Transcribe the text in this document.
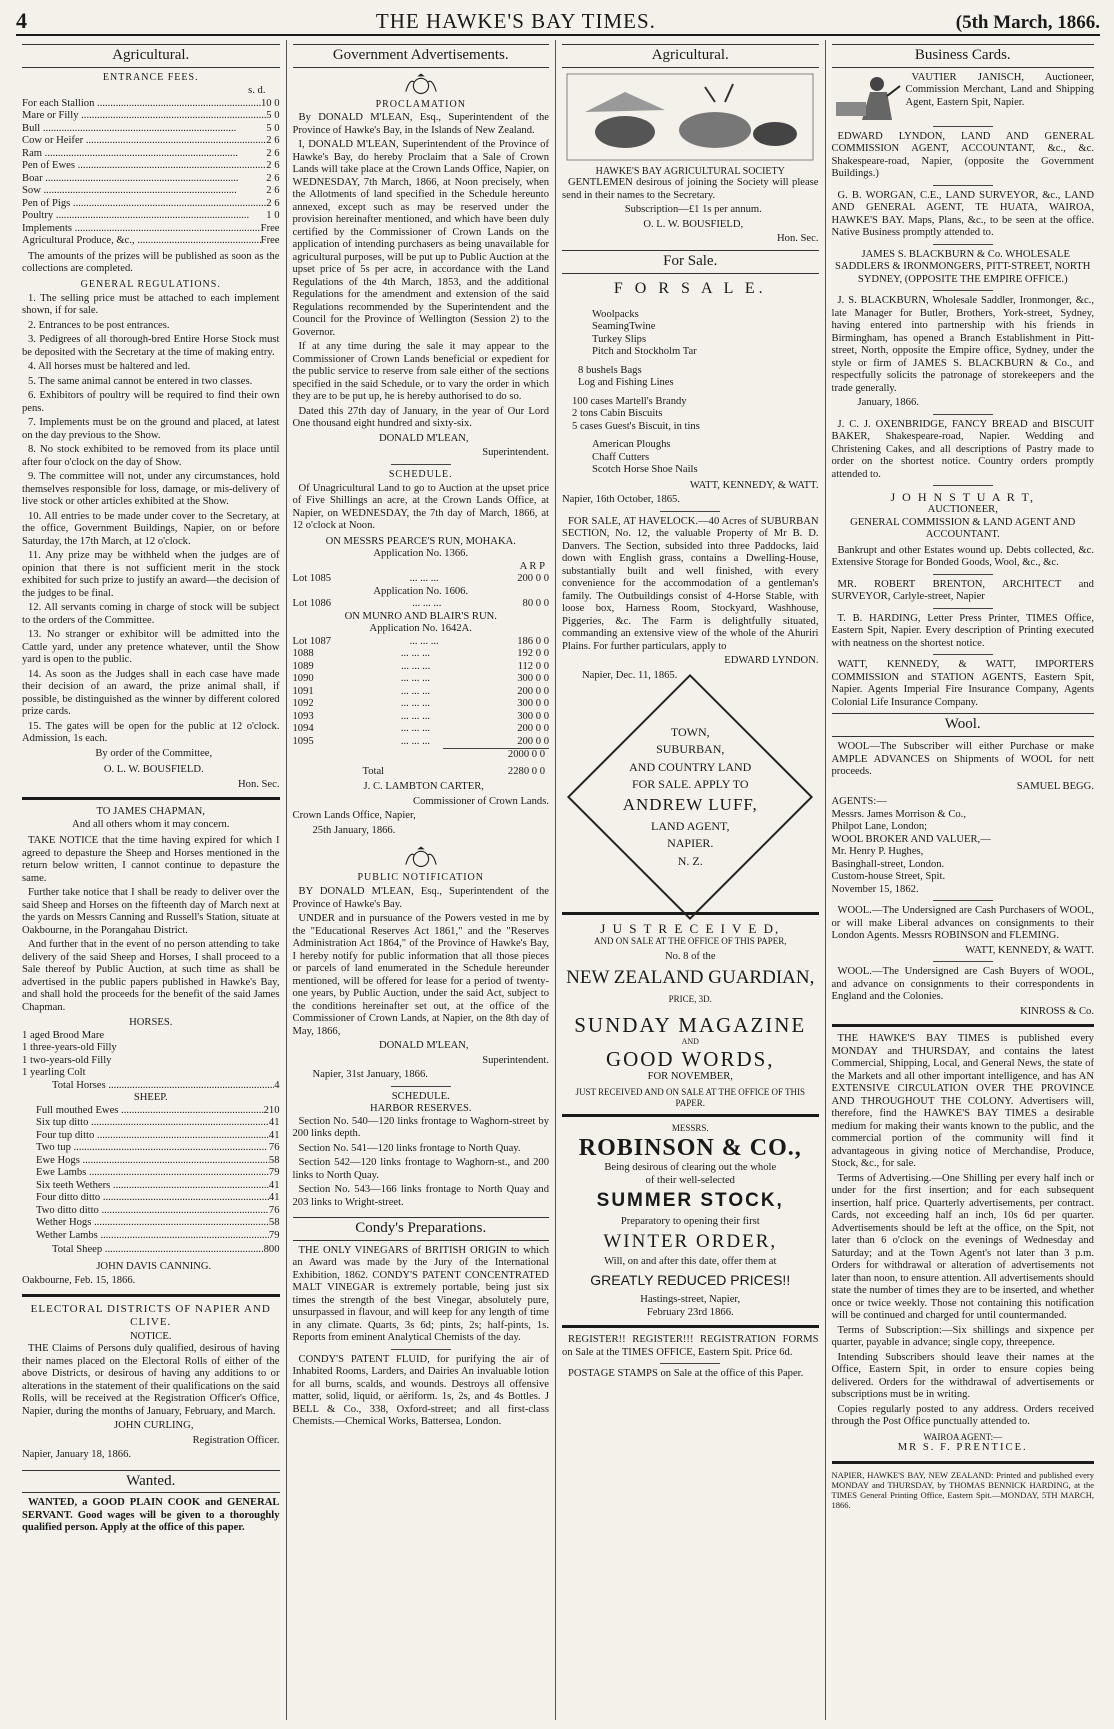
4	THE HAWKE'S BAY TIMES.	(5th March, 1866.
Agricultural.
ENTRANCE FEES.
s. d.
For each Stallion .....	10 0
Mare or Filly .....	5 0
Bull .....	5 0
Cow or Heifer .....	2 6
Ram .....	2 6
Pen of Ewes .....	2 6
Boar .....	2 6
Sow .....	2 6
Pen of Pigs .....	2 6
Poultry .....	1 0
Implements .....	Free
Agricultural Produce, &c., .....	Free

The amounts of the prizes will be published as soon as the collections are completed.

GENERAL REGULATIONS.

1. The selling price must be attached to each implement shown, if for sale.

2. Entrances to be post entrances.

3. Pedigrees of all thorough-bred Entire Horse Stock must be deposited with the Secretary at the time of making entry.

4. All horses must be haltered and led.

5. The same animal cannot be entered in two classes.

6. Exhibitors of poultry will be required to find their own pens.

7. Implements must be on the ground and placed, at latest on the day previous to the Show.

8. No stock exhibited to be removed from its place until after four o'clock on the day of Show.

9. The committee will not, under any circumstances, hold themselves responsible for loss, damage, or mis-delivery of live stock or other articles exhibited at the Show.

10. All entries to be made under cover to the Secretary, at the office, Government Buildings, Napier, on or before Saturday, the 17th March, at 12 o'clock.

11. Any prize may be withheld when the judges are of opinion that there is not sufficient merit in the stock exhibited for such prize to justify an award—the decision of the judges to be final.

12. All servants coming in charge of stock will be subject to the orders of the Committee.

13. No stranger or exhibitor will be admitted into the Cattle yard, under any pretence whatever, until the Show yard is open to the public.

14. As soon as the Judges shall in each case have made their decision of an award, the prize animal shall, if possible, be distinguished as the winner by different colored prize cards.

15. The gates will be open for the public at 12 o'clock. Admission, 1s each.

By order of the Committee,

O. L. W. BOUSFIELD.

Hon. Sec.

TO JAMES CHAPMAN,
And all others whom it may concern.

TAKE NOTICE that the time having expired for which I agreed to depasture the Sheep and Horses mentioned in the return below written, I cannot continue to depasture the same.

Further take notice that I shall be ready to deliver over the said Sheep and Horses on the fifteenth day of March next at the yards on Messrs Canning and Russell's Station, situate at Oakbourne, in the Porangahau District.

And further that in the event of no person attending to take delivery of the said Sheep and Horses, I shall proceed to a Sale thereof by Public Auction, at such time as shall be advertised in the public papers published in Hawke's Bay, and shall hold the proceeds for the benefit of the said James Chapman.

HORSES.
1 aged Brood Mare
1 three-years-old Filly
1 two-years-old Filly
1 yearling Colt
Total Horses .....	4
SHEEP.
Full mouthed Ewes .....	210
Six tup ditto .....	41
Four tup ditto .....	41
Two tup .....	76
Ewe Hogs .....	58
Ewe Lambs .....	79
Six teeth Wethers .....	41
Four ditto ditto .....	41
Two ditto ditto .....	76
Wether Hogs .....	58
Wether Lambs .....	79
Total Sheep .....	800

JOHN DAVIS CANNING.

Oakbourne, Feb. 15, 1866.

ELECTORAL DISTRICTS OF NAPIER AND CLIVE.
NOTICE.

THE Claims of Persons duly qualified, desirous of having their names placed on the Electoral Rolls of either of the above Districts, or desirous of having any additions to or alterations in the statement of their qualifications on the said Rolls, will be received at the Registration Officer's Office, Napier, during the months of January, February, and March.

JOHN CURLING,

Registration Officer.

Napier, January 18, 1866.

Wanted.

WANTED, a GOOD PLAIN COOK and GENERAL SERVANT. Good wages will be given to a thoroughly qualified person. Apply at the office of this paper.

Government Advertisements.
PROCLAMATION

By DONALD M'LEAN, Esq., Superintendent of the Province of Hawke's Bay, in the Islands of New Zealand.

I, DONALD M'LEAN, Superintendent of the Province of Hawke's Bay, do hereby Proclaim that a Sale of Crown Lands will take place at the Crown Lands Office, Napier, on WEDNESDAY, 7th March, 1866, at Noon precisely, when the Allotments of land specified in the Schedule hereunto annexed, except such as may be reserved under the provision hereinafter mentioned, and which have been duly certified by the Commissioner of Crown Lands on the application of intending purchasers as being unavailable for agricultural purposes, will be put up to Public Auction at the upset price of 5s per acre, in accordance with the Land Regulations of the 4th March, 1853, and the additional Regulations for the amendment and extension of the said Regulations recommended by the Superintendent and the Council for the Province of Wellington (Session 2) to the Governor.

If at any time during the sale it may appear to the Commissioner of Crown Lands beneficial or expedient for the public service to reserve from sale either of the sections specified in the said Schedule, or to vary the order in which they are to be put up, he is hereby authorised to do so.

Dated this 27th day of January, in the year of Our Lord One thousand eight hundred and sixty-six.

DONALD M'LEAN,

Superintendent.

SCHEDULE.

Of Unagricultural Land to go to Auction at the upset price of Five Shillings an acre, at the Crown Lands Office, at Napier, on WEDNESDAY, the 7th day of March, 1866, at 12 o'clock at Noon.

ON MESSRS PEARCE'S RUN, MOHAKA.
Application No. 1366.
A R P
Lot 1085	... ... ...	200 0 0
Application No. 1606.
Lot 1086	... ... ...	80 0 0
ON MUNRO AND BLAIR'S RUN.
Application No. 1642A.
Lot 1087	... ... ...	186 0 0
1088	... ... ...	192 0 0
1089	... ... ...	112 0 0
1090	... ... ...	300 0 0
1091	... ... ...	200 0 0
1092	... ... ...	300 0 0
1093	... ... ...	300 0 0
1094	... ... ...	200 0 0
1095	... ... ...	200 0 0
2000 0 0
Total	2280 0 0

J. C. LAMBTON CARTER,

Commissioner of Crown Lands.

Crown Lands Office, Napier,

25th January, 1866.

PUBLIC NOTIFICATION

BY DONALD M'LEAN, Esq., Superintendent of the Province of Hawke's Bay.

UNDER and in pursuance of the Powers vested in me by the "Educational Reserves Act 1861," and the "Reserves Administration Act 1864," of the Province of Hawke's Bay, I hereby notify for public information that all those pieces or parcels of land enumerated in the Schedule hereunder mentioned, will be offered for lease for a period of twenty-one years, by Public Auction, under the said Act, subject to the conditions hereinafter set out, at the office of the Commissioner of Crown Lands, at Napier, on the 8th day of May, 1866,

DONALD M'LEAN,

Superintendent.

Napier, 31st January, 1866.

SCHEDULE.
HARBOR RESERVES.

Section No. 540—120 links frontage to Waghorn-street by 200 links depth.

Section No. 541—120 links frontage to North Quay.

Section 542—120 links frontage to Waghorn-st., and 200 links to North Quay.

Section No. 543—166 links frontage to North Quay and 203 links to Wright-street.

Condy's Preparations.

THE ONLY VINEGARS of BRITISH ORIGIN to which an Award was made by the Jury of the International Exhibition, 1862. CONDY'S PATENT CONCENTRATED MALT VINEGAR is extremely portable, being just six times the strength of the best Vinegar, absolutely pure, unsurpassed in flavour, and will keep for any length of time in any climate. Quarts, 3s 6d; pints, 2s; half-pints, 1s. Reports from eminent Analytical Chemists of the day.

CONDY'S PATENT FLUID, for purifying the air of Inhabited Rooms, Larders, and Dairies An invaluable lotion for all burns, scalds, and wounds. Destroys all offensive matter, solid, liquid, or aëriform. 1s, 2s, and 4s Bottles. J BELL & Co., 338, Oxford-street; and all first-class Chemists.—Chemical Works, Battersea, London.

Agricultural.
HAWKE'S BAY AGRICULTURAL SOCIETY

GENTLEMEN desirous of joining the Society will please send in their names to the Secretary.

Subscription—£1 1s per annum.

O. L. W. BOUSFIELD,

Hon. Sec.

For Sale.
F O R S A L E.
Woolpacks
SeamingTwine
Turkey Slips
Pitch and Stockholm Tar
8 bushels Bags
Log and Fishing Lines
100 cases Martell's Brandy
2 tons Cabin Biscuits
5 cases Guest's Biscuit, in tins
American Ploughs
Chaff Cutters
Scotch Horse Shoe Nails

WATT, KENNEDY, & WATT.

Napier, 16th October, 1865.

FOR SALE, AT HAVELOCK.—40 Acres of SUBURBAN SECTION, No. 12, the valuable Property of Mr B. D. Danvers. The Section, subsided into three Paddocks, laid down with English grass, contains a Dwelling-House, substantially built and well finished, with every convenience for the accommodation of a gentleman's family. The Outbuildings consist of 4-Horse Stable, with loose box, Harness Room, Stockyard, Washhouse, Piggeries, &c. The Farm is delightfully situated, commanding an extensive view of the whole of the Ahuriri Plains. For further particulars, apply to

EDWARD LYNDON.

Napier, Dec. 11, 1865.

TOWN,
SUBURBAN,
AND COUNTRY LAND
FOR SALE. APPLY TO
ANDREW LUFF,
LAND AGENT,
NAPIER.
N. Z.
J U S T R E C E I V E D,
AND ON SALE AT THE OFFICE OF THIS PAPER,
No. 8 of the
NEW ZEALAND GUARDIAN,
PRICE, 3D.
SUNDAY MAGAZINE
AND
GOOD WORDS,
FOR NOVEMBER,
JUST RECEIVED AND ON SALE AT THE OFFICE OF THIS PAPER.
MESSRS.
ROBINSON & CO.,
Being desirous of clearing out the whole
of their well-selected
SUMMER STOCK,
Preparatory to opening their first
WINTER ORDER,
Will, on and after this date, offer them at
GREATLY REDUCED PRICES!!
Hastings-street, Napier,
February 23rd 1866.

REGISTER!! REGISTER!!! REGISTRATION FORMS on Sale at the TIMES OFFICE, Eastern Spit. Price 6d.

POSTAGE STAMPS on Sale at the office of this Paper.

Business Cards.

VAUTIER JANISCH, Auctioneer, Commission Merchant, Land and Shipping Agent, Eastern Spit, Napier.

EDWARD LYNDON, LAND AND GENERAL COMMISSION AGENT, ACCOUNTANT, &c., &c. Shakespeare-road, Napier, (opposite the Government Buildings.)

G. B. WORGAN, C.E., LAND SURVEYOR, &c., LAND AND GENERAL AGENT, TE HUATA, WAIROA, HAWKE'S BAY. Maps, Plans, &c., to be seen at the office. Native Business promptly attended to.

JAMES S. BLACKBURN & Co. WHOLESALE SADDLERS & IRONMONGERS, PITT-STREET, NORTH SYDNEY, (OPPOSITE THE EMPIRE OFFICE.)

J. S. BLACKBURN, Wholesale Saddler, Ironmonger, &c., late Manager for Butler, Brothers, York-street, Sydney, having entered into partnership with his friends in Birmingham, has opened a Branch Establishment in Pitt-street, North, opposite the Empire office, Sydney, under the style or firm of JAMES S. BLACKBURN & Co., and respectfully solicits the patronage of storekeepers and the trade generally.

January, 1866.

J. C. J. OXENBRIDGE, FANCY BREAD and BISCUIT BAKER, Shakespeare-road, Napier. Wedding and Christening Cakes, and all descriptions of Pastry made to order on the shortest notice. Country orders promptly attended to.

J O H N S T U A R T,
AUCTIONEER,
GENERAL COMMISSION & LAND AGENT AND ACCOUNTANT.

Bankrupt and other Estates wound up. Debts collected, &c. Extensive Storage for Bonded Goods, Wool, &c., &c.

MR. ROBERT BRENTON, ARCHITECT and SURVEYOR, Carlyle-street, Napier

T. B. HARDING, Letter Press Printer, TIMES Office, Eastern Spit, Napier. Every description of Printing executed with neatness on the shortest notice.

WATT, KENNEDY, & WATT, IMPORTERS COMMISSION and STATION AGENTS, Eastern Spit, Napier. Agents Imperial Fire Insurance Company, Agents Colonial Life Insurance Company.

Wool.

WOOL—The Subscriber will either Purchase or make AMPLE ADVANCES on Shipments of WOOL for nett proceeds.

SAMUEL BEGG.

AGENTS:—
Messrs. James Morrison & Co.,
Philpot Lane, London;
WOOL BROKER AND VALUER,—
Mr. Henry P. Hughes,
Basinghall-street, London.
Custom-house Street, Spit.
November 15, 1862.

WOOL.—The Undersigned are Cash Purchasers of WOOL, or will make Liberal advances on consignments to their London Agents. Messrs ROBINSON and FLEMING.

WATT, KENNEDY, & WATT.

WOOL.—The Undersigned are Cash Buyers of WOOL, and advance on consignments to their correspondents in England and the Colonies.

KINROSS & Co.

THE HAWKE'S BAY TIMES is published every MONDAY and THURSDAY, and contains the latest Commercial, Shipping, Local, and General News, the state of the Markets and all other important intelligence, and has AN EXTENSIVE CIRCULATION OVER THE PROVINCE AND THROUGHOUT THE COLONY. Advertisers will, therefore, find the HAWKE'S BAY TIMES a desirable medium for making their wants known to the public, and the commercial portion of the community will find it advantageous in giving notice of Merchandise, Produce, Stock, &c., for sale.

Terms of Advertising.—One Shilling per every half inch or under for the first insertion; and for each subsequent insertion, half price. Quarterly advertisements, per contract. Cards, not exceeding half an inch, 10s 6d per quarter. Advertisements should be left at the office, on the Spit, not later than 6 o'clock on the evenings of Wednesday and Saturday; and at the Town Agent's not later than 3 p.m. Orders for withdrawal or alteration of advertisements not later than noon, to ensure attention. All advertisements should state the number of times they are to be inserted, and whether once or twice weekly. Those not containing this notification will be continued and charged for until countermanded.

Terms of Subscription:—Six shillings and sixpence per quarter, payable in advance; single copy, threepence.

Intending Subscribers should leave their names at the Office, Eastern Spit, in order to ensure copies being delivered. Orders for the withdrawal of advertisements or subscriptions must be in writing.

Copies regularly posted to any address. Orders received through the Post Office punctually attended to.

WAIROA AGENT:—
MR S. F. PRENTICE.

NAPIER, HAWKE'S BAY, NEW ZEALAND: Printed and published every MONDAY and THURSDAY, by THOMAS BENNICK HARDING, at the TIMES General Printing Office, Eastern Spit.—MONDAY, 5TH MARCH, 1866.
